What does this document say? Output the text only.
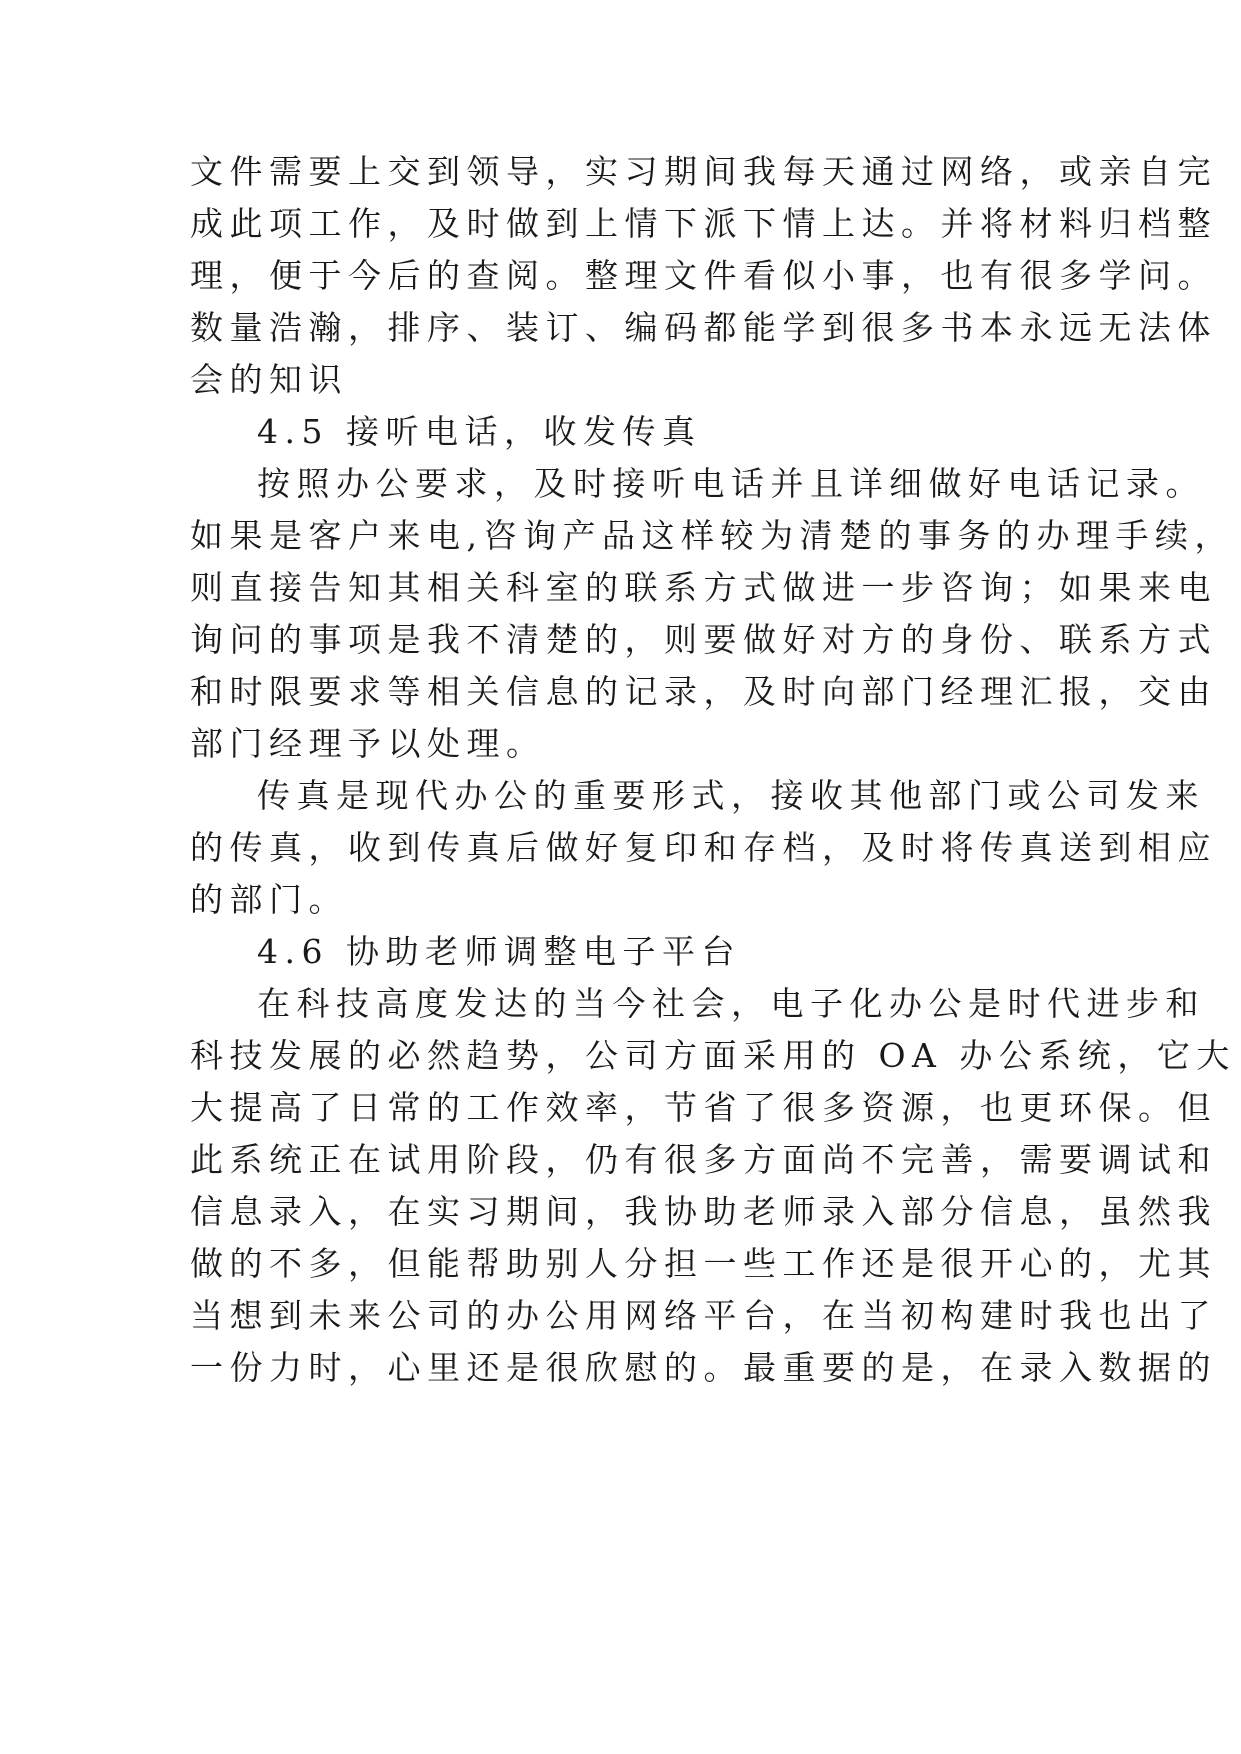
文件需要上交到领导，实习期间我每天通过网络，或亲自完

成此项工作，及时做到上情下派下情上达。并将材料归档整

理，便于今后的查阅。整理文件看似小事，也有很多学问。

数量浩瀚，排序、装订、编码都能学到很多书本永远无法体

会的知识

4.5 接听电话，收发传真

按照办公要求，及时接听电话并且详细做好电话记录。

如果是客户来电,咨询产品这样较为清楚的事务的办理手续，

则直接告知其相关科室的联系方式做进一步咨询；如果来电

询问的事项是我不清楚的，则要做好对方的身份、联系方式

和时限要求等相关信息的记录，及时向部门经理汇报，交由

部门经理予以处理。

传真是现代办公的重要形式，接收其他部门或公司发来

的传真，收到传真后做好复印和存档，及时将传真送到相应

的部门。

4.6 协助老师调整电子平台

在科技高度发达的当今社会，电子化办公是时代进步和

科技发展的必然趋势，公司方面采用的 OA 办公系统，它大

大提高了日常的工作效率，节省了很多资源，也更环保。但

此系统正在试用阶段，仍有很多方面尚不完善，需要调试和

信息录入，在实习期间，我协助老师录入部分信息，虽然我

做的不多，但能帮助别人分担一些工作还是很开心的，尤其

当想到未来公司的办公用网络平台，在当初构建时我也出了

一份力时，心里还是很欣慰的。最重要的是，在录入数据的
